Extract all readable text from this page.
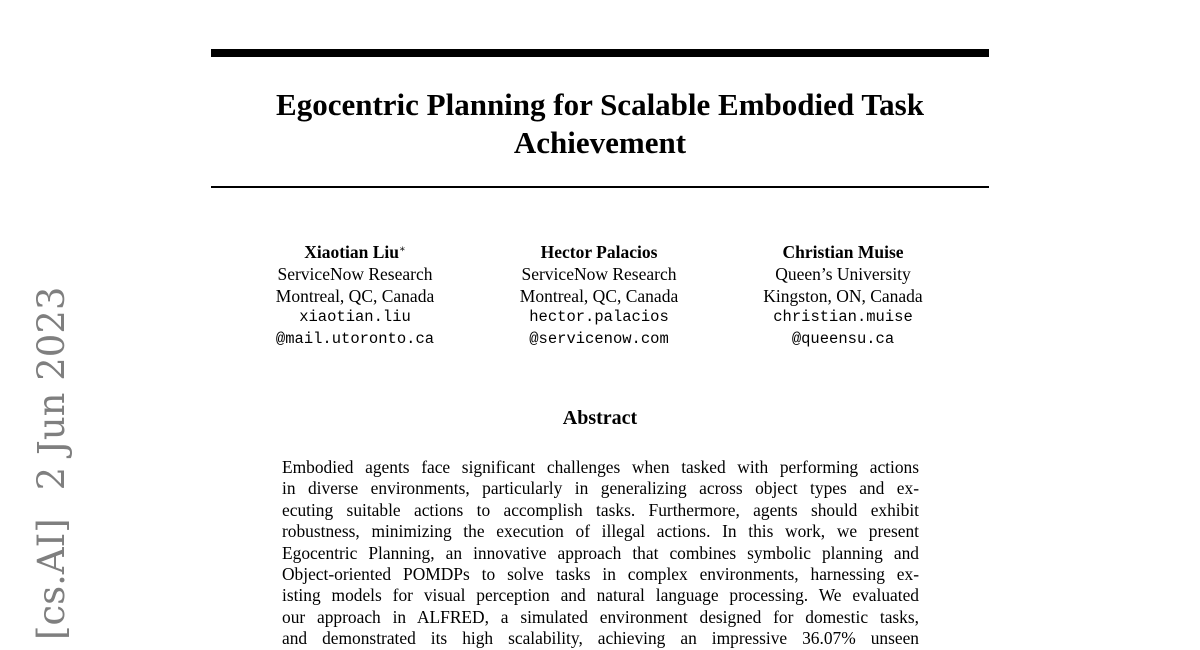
[cs.AI]
2 Jun 2023
Egocentric Planning for Scalable Embodied Task
Achievement
Xiaotian Liu∗
ServiceNow Research
Montreal, QC, Canada
xiaotian.liu
@mail.utoronto.ca
Hector Palacios
ServiceNow Research
Montreal, QC, Canada
hector.palacios
@servicenow.com
Christian Muise
Queen’s University
Kingston, ON, Canada
christian.muise
@queensu.ca
Abstract
Embodied agents face significant challenges when tasked with performing actions
in diverse environments, particularly in generalizing across object types and ex-
ecuting suitable actions to accomplish tasks. Furthermore, agents should exhibit
robustness, minimizing the execution of illegal actions. In this work, we present
Egocentric Planning, an innovative approach that combines symbolic planning and
Object-oriented POMDPs to solve tasks in complex environments, harnessing ex-
isting models for visual perception and natural language processing. We evaluated
our approach in ALFRED, a simulated environment designed for domestic tasks,
and demonstrated its high scalability, achieving an impressive 36.07% unseen
